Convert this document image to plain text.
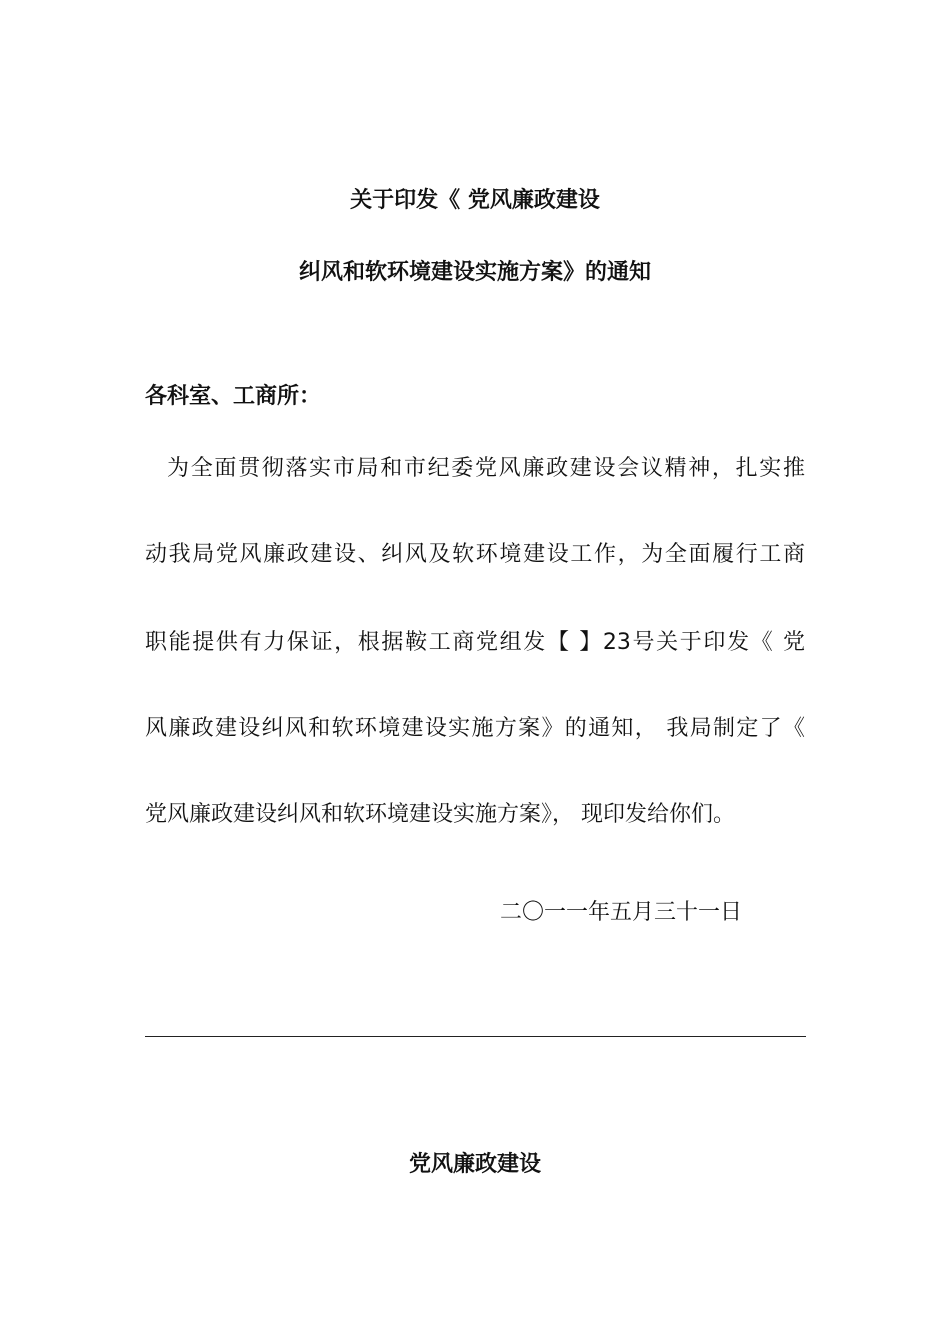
关于印发《 党风廉政建设
纠风和软环境建设实施方案》的通知
各科室、工商所：
为全面贯彻落实市局和市纪委党风廉政建设会议精神，扎实推
动我局党风廉政建设、纠风及软环境建设工作，为全面履行工商
职能提供有力保证，根据鞍工商党组发【 】23号关于印发《 党
风廉政建设纠风和软环境建设实施方案》的通知， 我局制定了《
党风廉政建设纠风和软环境建设实施方案》， 现印发给你们。
二〇一一年五月三十一日
党风廉政建设
